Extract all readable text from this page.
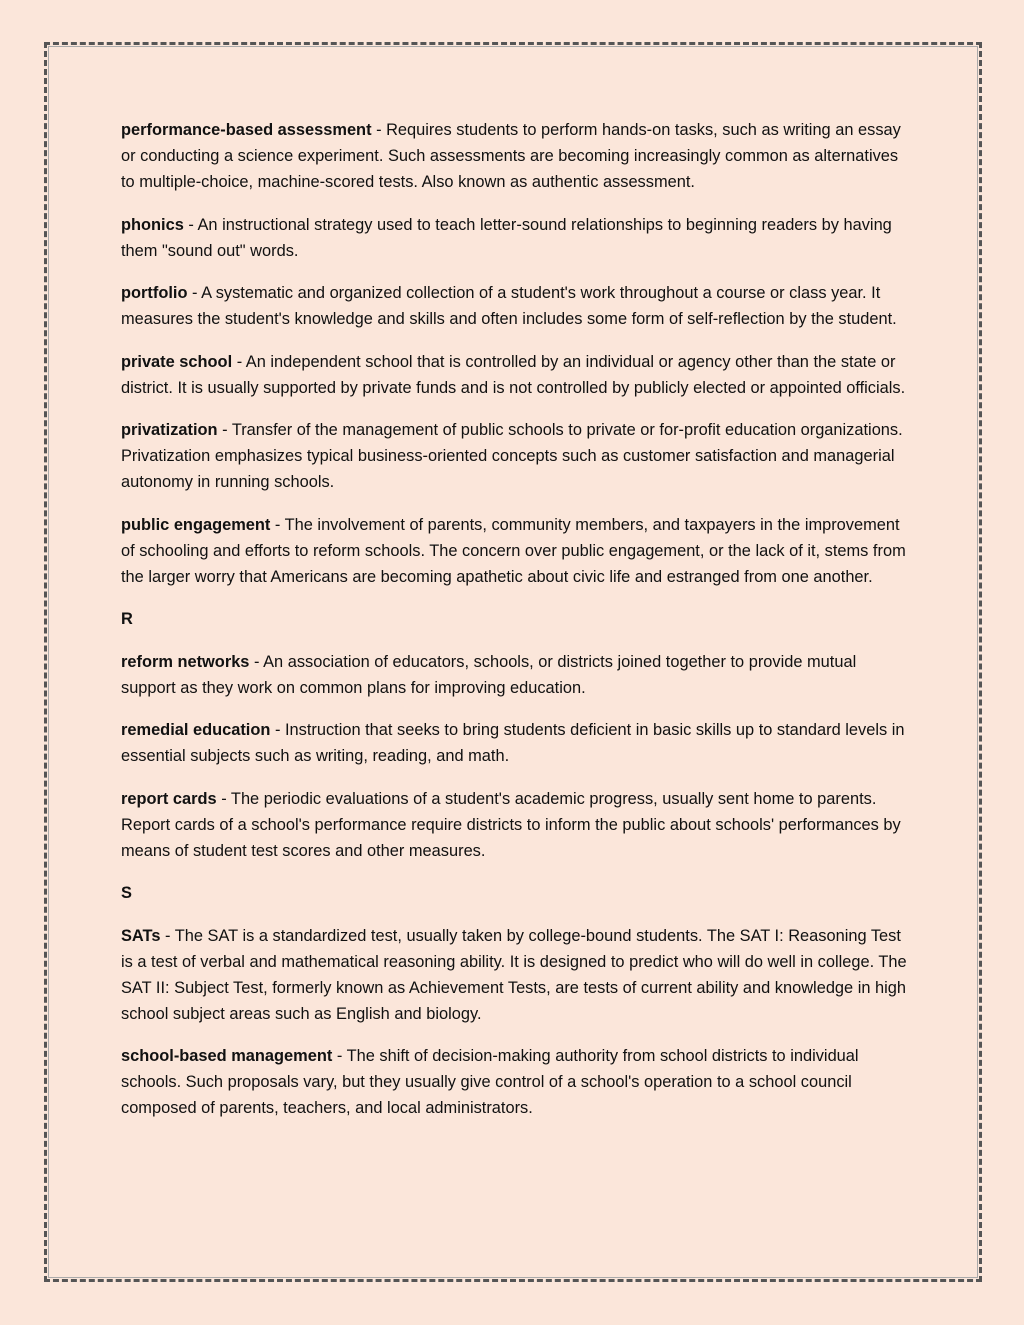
performance-based assessment - Requires students to perform hands-on tasks, such as writing an essay or conducting a science experiment. Such assessments are becoming increasingly common as alternatives to multiple-choice, machine-scored tests. Also known as authentic assessment.

phonics - An instructional strategy used to teach letter-sound relationships to beginning readers by having them "sound out" words.

portfolio - A systematic and organized collection of a student's work throughout a course or class year. It measures the student's knowledge and skills and often includes some form of self-reflection by the student.

private school - An independent school that is controlled by an individual or agency other than the state or district. It is usually supported by private funds and is not controlled by publicly elected or appointed officials.

privatization - Transfer of the management of public schools to private or for-profit education organizations. Privatization emphasizes typical business-oriented concepts such as customer satisfaction and managerial autonomy in running schools.

public engagement - The involvement of parents, community members, and taxpayers in the improvement of schooling and efforts to reform schools. The concern over public engagement, or the lack of it, stems from the larger worry that Americans are becoming apathetic about civic life and estranged from one another.

R

reform networks - An association of educators, schools, or districts joined together to provide mutual support as they work on common plans for improving education.

remedial education - Instruction that seeks to bring students deficient in basic skills up to standard levels in essential subjects such as writing, reading, and math.

report cards - The periodic evaluations of a student's academic progress, usually sent home to parents. Report cards of a school's performance require districts to inform the public about schools' performances by means of student test scores and other measures.

S

SATs - The SAT is a standardized test, usually taken by college-bound students. The SAT I: Reasoning Test is a test of verbal and mathematical reasoning ability. It is designed to predict who will do well in college. The SAT II: Subject Test, formerly known as Achievement Tests, are tests of current ability and knowledge in high school subject areas such as English and biology.

school-based management - The shift of decision-making authority from school districts to individual schools. Such proposals vary, but they usually give control of a school's operation to a school council composed of parents, teachers, and local administrators.
